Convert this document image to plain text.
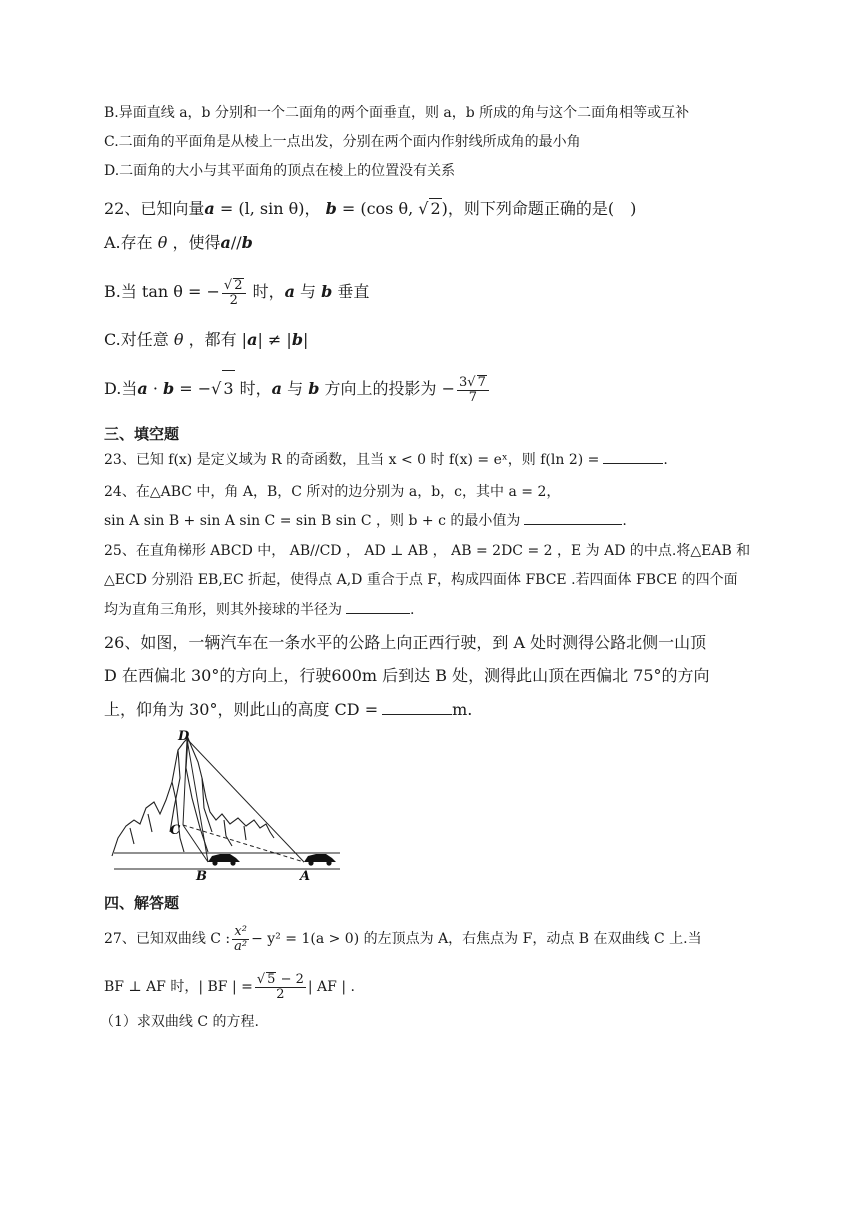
B.异面直线 a，b 分别和一个二面角的两个面垂直，则 a，b 所成的角与这个二面角相等或互补
C.二面角的平面角是从棱上一点出发，分别在两个面内作射线所成角的最小角
D.二面角的大小与其平面角的顶点在棱上的位置没有关系
22、已知向量a = (l, sin θ)， b = (cos θ, √ 2)，则下列命题正确的是(　)
A.存在 θ ，使得a//b
B.当 tan θ = − $\frac{√ 2}{2}$ 时，a 与 b 垂直
C.对任意 θ ，都有 |a| ≠ |b|
D.当a · b = −√ 3 时，a 与 b 方向上的投影为 − $\frac{3√ 7}{7}$
三、填空题
23、已知 f(x) 是定义域为 R 的奇函数，且当 x < 0 时 f(x) = eˣ，则 f(ln 2) =	.
24、在△ABC 中，角 A，B，C 所对的边分别为 a，b，c，其中 a = 2，
sin A sin B + sin A sin C = sin B sin C ，则 b + c 的最小值为	.
25、在直角梯形 ABCD 中， AB//CD ， AD ⊥ AB ， AB = 2DC = 2 ，E 为 AD 的中点.将△EAB 和
△ECD 分别沿 EB,EC 折起，使得点 A,D 重合于点 F，构成四面体 FBCE .若四面体 FBCE 的四个面
均为直角三角形，则其外接球的半径为	.
26、如图，一辆汽车在一条水平的公路上向正西行驶，到 A 处时测得公路北侧一山顶
D 在西偏北 30°的方向上，行驶600m 后到达 B 处，测得此山顶在西偏北 75°的方向
上，仰角为 30°，则此山的高度 CD =	m.
D
C
B	A
四、解答题
27、已知双曲线 C : $\frac{\text{x²}}{\text{a²}} - y^2 = 1(a > 0)$ 的左顶点为 A，右焦点为 F，动点 B 在双曲线 C 上.当
BF ⊥ AF 时，| BF | = $\frac{√ 5 - 2}{2}$ | AF | .
（1）求双曲线 C 的方程.
